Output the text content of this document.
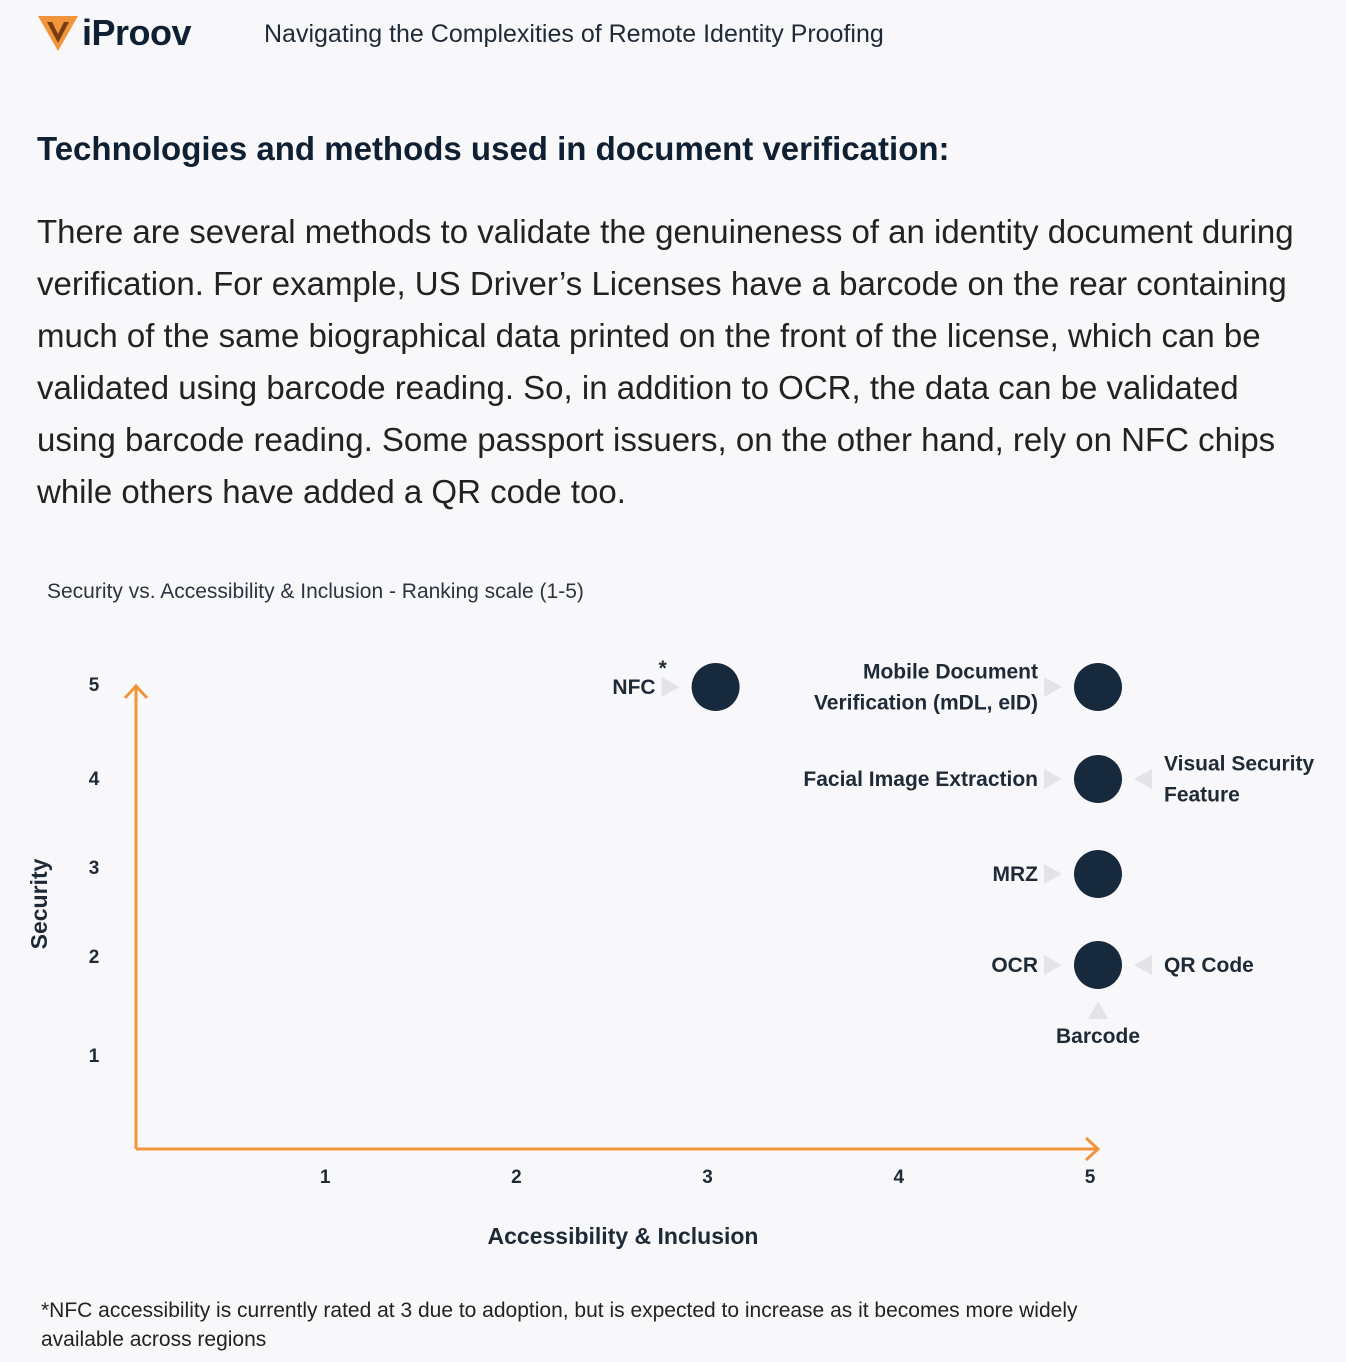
iProov	Navigating the Complexities of Remote Identity Proofing
Technologies and methods used in document verification:
There are several methods to validate the genuineness of an identity document during verification. For example, US Driver’s Licenses have a barcode on the rear containing much of the same biographical data printed on the front of the license, which can be validated using barcode reading. So, in addition to OCR, the data can be validated using barcode reading. Some passport issuers, on the other hand, rely on NFC chips while others have added a QR code too.
Security vs. Accessibility & Inclusion - Ranking scale (1-5)
1	2	3	4	5
1
2
3
4
5
Accessibility & Inclusion
Security
NFC
*	Mobile Document
Verification (mDL, eID)
Facial Image Extraction
Visual Security
Feature
MRZ
OCR	QR Code
Barcode
*NFC accessibility is currently rated at 3 due to adoption, but is expected to increase as it becomes more widely available across regions
